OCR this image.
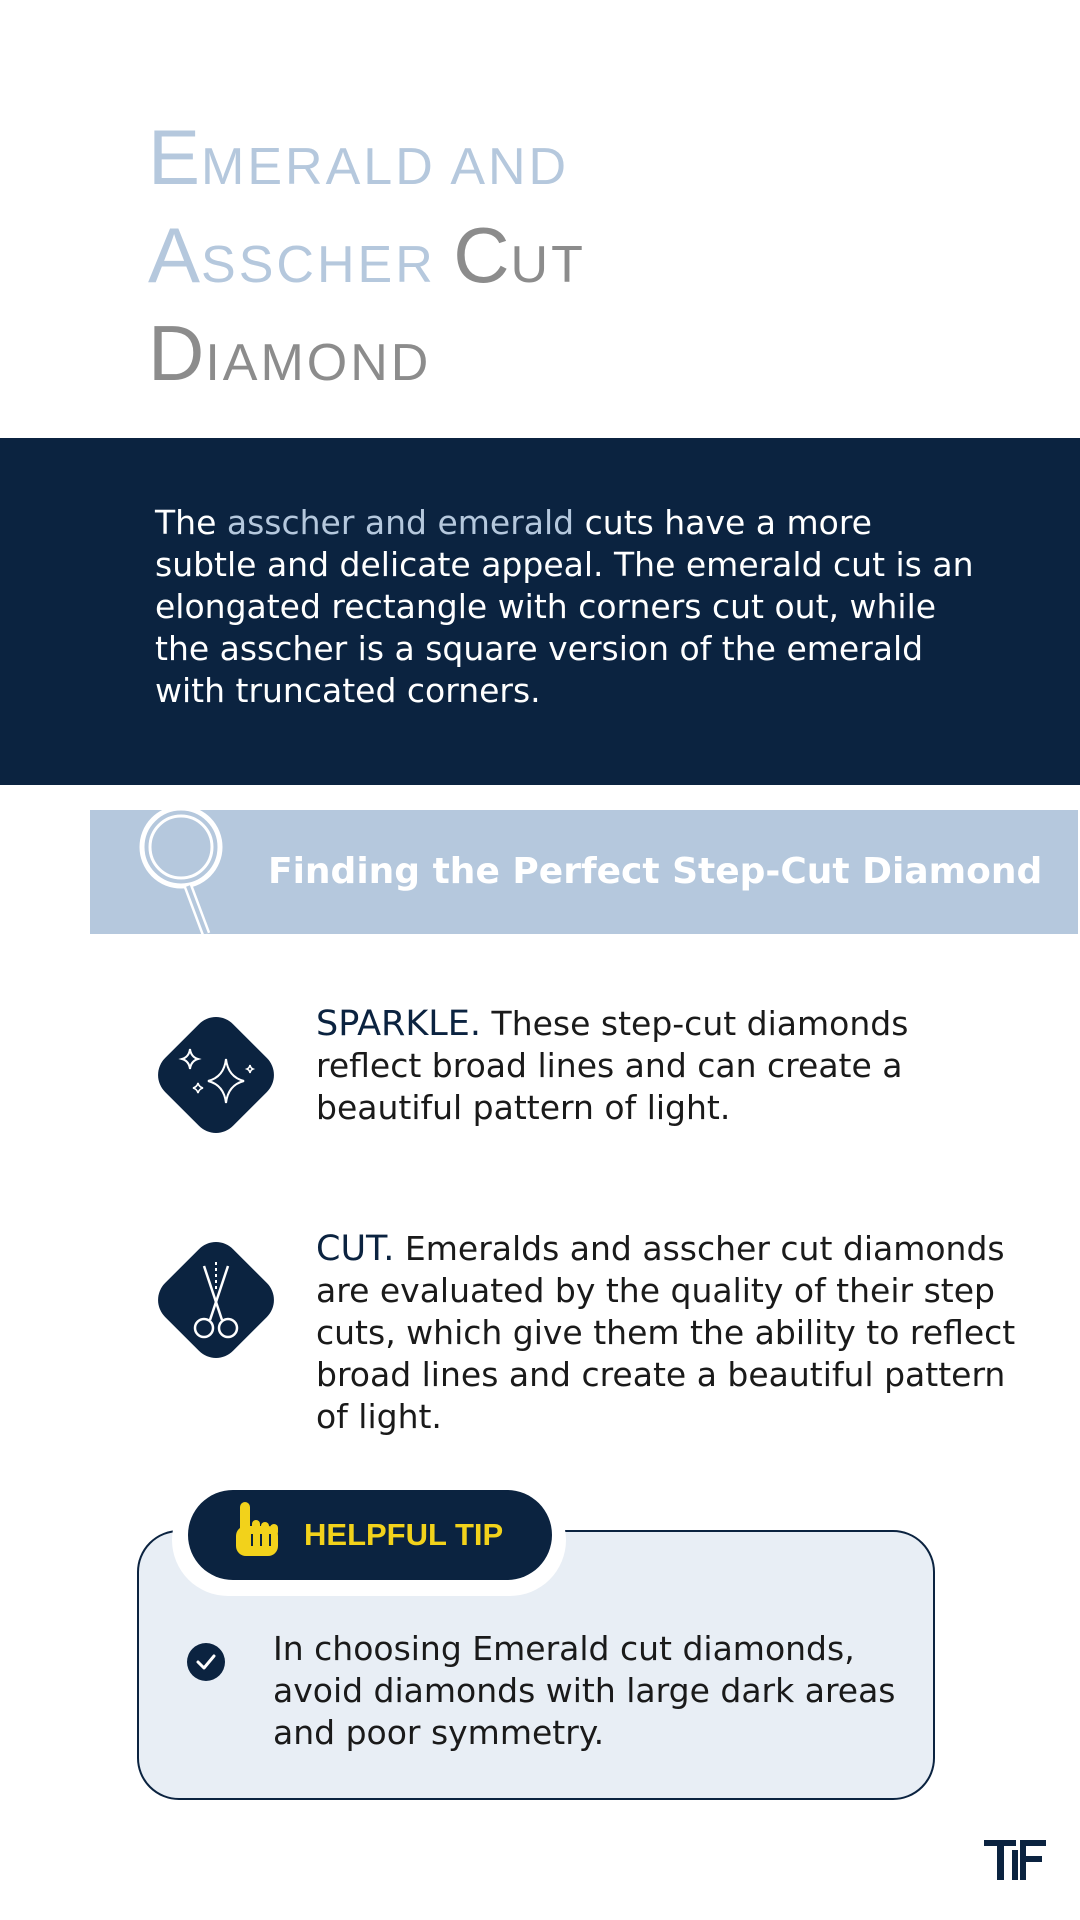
EMERALD AND
ASSCHER CUT
DIAMOND

The asscher and emerald cuts have a more subtle and delicate appeal. The emerald cut is an elongated rectangle with corners cut out, while the asscher is a square version of the emerald with truncated corners.

Finding the Perfect Step-Cut Diamond

SPARKLE. These step-cut diamonds reflect broad lines and can create a beautiful pattern of light.

CUT. Emeralds and asscher cut diamonds are evaluated by the quality of their step cuts, which give them the ability to reflect broad lines and create a beautiful pattern of light.

HELPFUL TIP

In choosing Emerald cut diamonds, avoid diamonds with large dark areas and poor symmetry.
